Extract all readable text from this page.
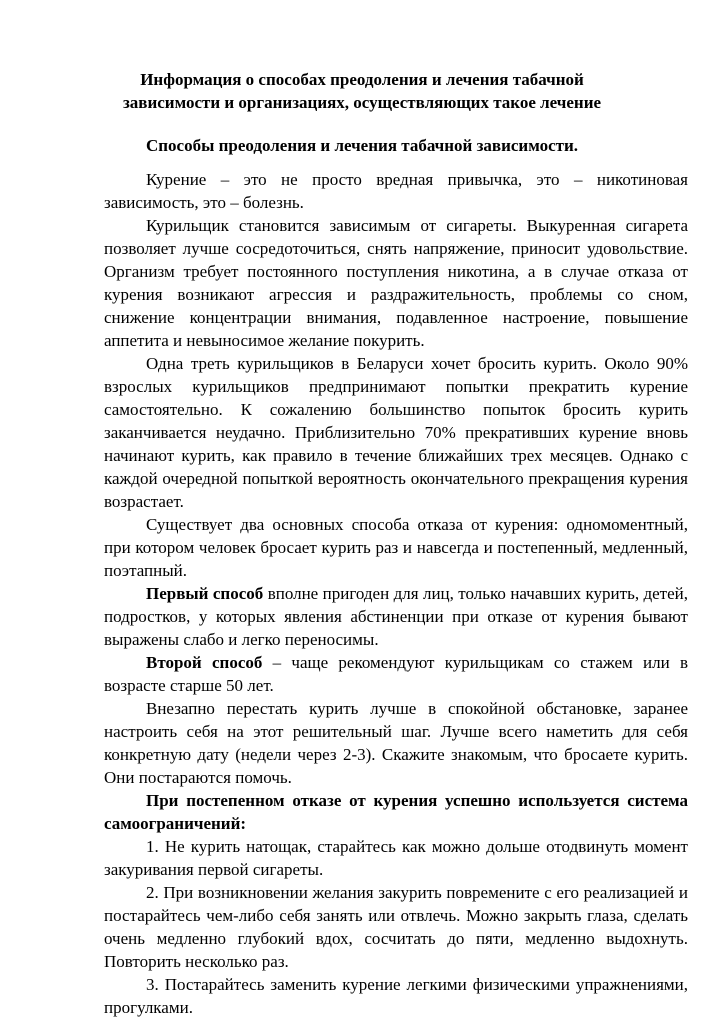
Информация о способах преодоления и лечения табачной
зависимости и организациях, осуществляющих такое лечение
Способы преодоления и лечения табачной зависимости.

Курение – это не просто вредная привычка, это – никотиновая зависимость, это – болезнь.

Курильщик становится зависимым от сигареты. Выкуренная сигарета позволяет лучше сосредоточиться, снять напряжение, приносит удовольствие. Организм требует постоянного поступления никотина, а в случае отказа от курения возникают агрессия и раздражительность, проблемы со сном, снижение концентрации внимания, подавленное настроение, повышение аппетита и невыносимое желание покурить.

Одна треть курильщиков в Беларуси хочет бросить курить. Около 90% взрослых курильщиков предпринимают попытки прекратить курение самостоятельно. К сожалению большинство попыток бросить курить заканчивается неудачно. Приблизительно 70% прекративших курение вновь начинают курить, как правило в течение ближайших трех месяцев. Однако с каждой очередной попыткой вероятность окончательного прекращения курения возрастает.

Существует два основных способа отказа от курения: одномоментный, при котором человек бросает курить раз и навсегда и постепенный, медленный, поэтапный.

Первый способ вполне пригоден для лиц, только начавших курить, детей, подростков, у которых явления абстиненции при отказе от курения бывают выражены слабо и легко переносимы.

Второй способ – чаще рекомендуют курильщикам со стажем или в возрасте старше 50 лет.

Внезапно перестать курить лучше в спокойной обстановке, заранее настроить себя на этот решительный шаг. Лучше всего наметить для себя конкретную дату (недели через 2-3). Скажите знакомым, что бросаете курить. Они постараются помочь.

При постепенном отказе от курения успешно используется система самоограничений:

1. Не курить натощак, старайтесь как можно дольше отодвинуть момент закуривания первой сигареты.

2. При возникновении желания закурить повремените с его реализацией и постарайтесь чем-либо себя занять или отвлечь. Можно закрыть глаза, сделать очень медленно глубокий вдох, сосчитать до пяти, медленно выдохнуть. Повторить несколько раз.

3. Постарайтесь заменить курение легкими физическими упражнениями, прогулками.
